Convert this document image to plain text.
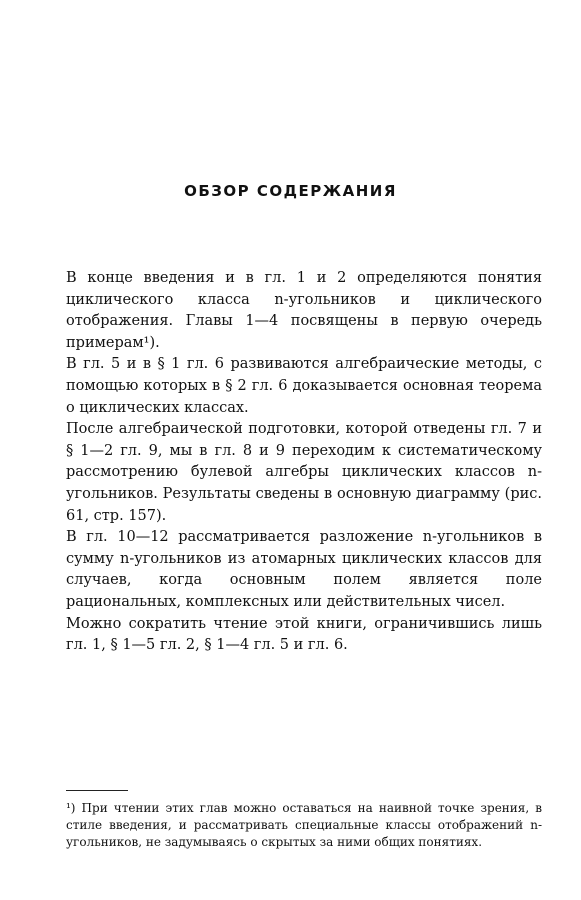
ОБЗОР СОДЕРЖАНИЯ

В конце введения и в гл. 1 и 2 определяются понятия циклического класса n-угольников и циклического отображения. Главы 1—4 посвящены в первую очередь примерам¹).

В гл. 5 и в § 1 гл. 6 развиваются алгебраические методы, с помощью которых в § 2 гл. 6 доказывается основная теорема о циклических классах.

После алгебраической подготовки, которой отведены гл. 7 и § 1—2 гл. 9, мы в гл. 8 и 9 переходим к систематическому рассмотрению булевой алгебры циклических классов n-угольников. Результаты сведены в основную диаграмму (рис. 61, стр. 157).

В гл. 10—12 рассматривается разложение n-угольников в сумму n-угольников из атомарных циклических классов для случаев, когда основным полем является поле рациональных, комплексных или действительных чисел.

Можно сократить чтение этой книги, ограничившись лишь гл. 1, § 1—5 гл. 2, § 1—4 гл. 5 и гл. 6.

¹) При чтении этих глав можно оставаться на наивной точке зрения, в стиле введения, и рассматривать специальные классы отображений n-угольников, не задумываясь о скрытых за ними общих понятиях.
